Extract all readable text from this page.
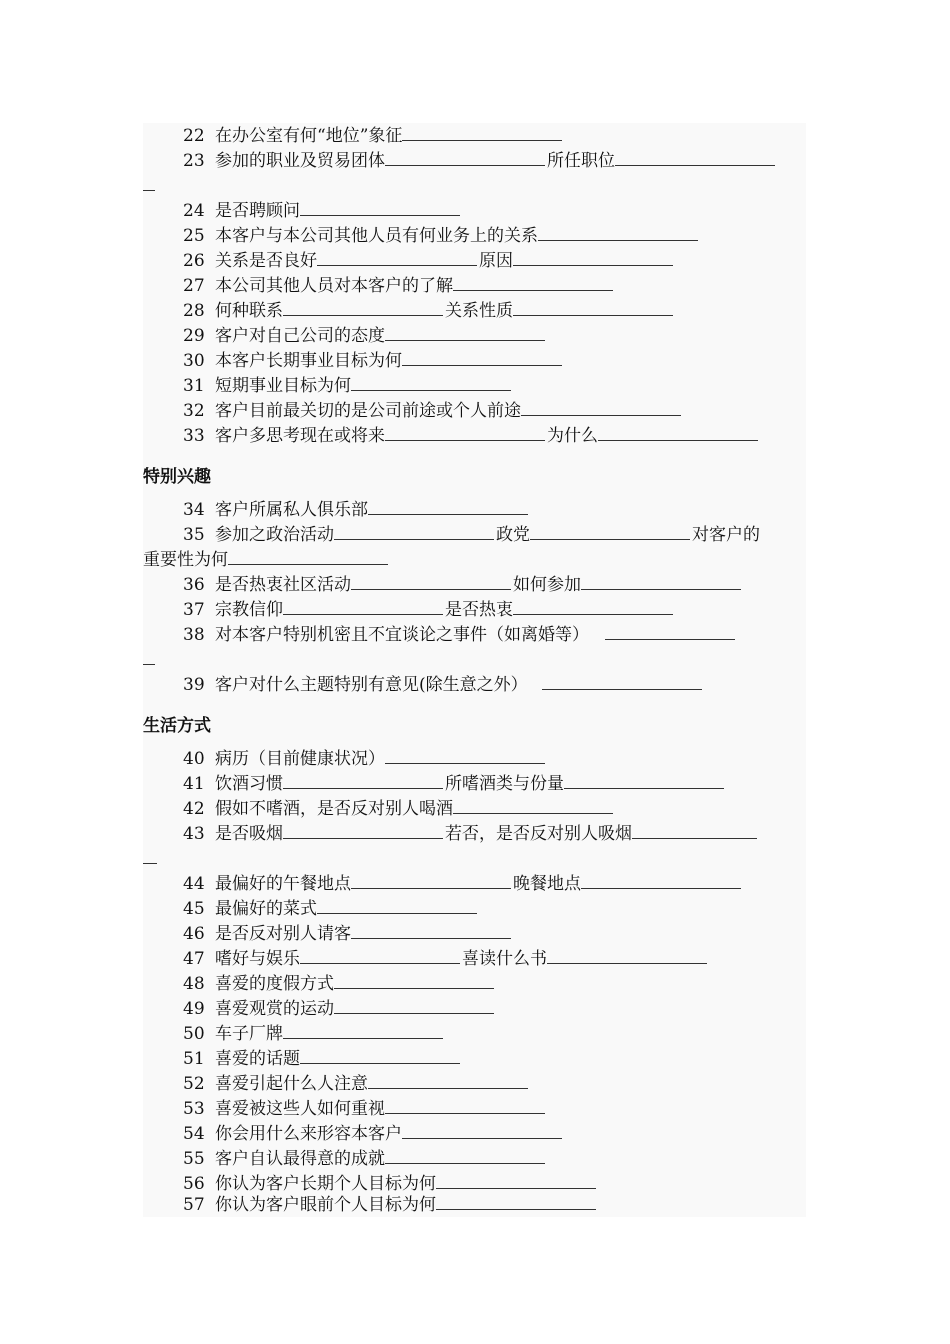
22 在办公室有何“地位”象征
23 参加的职业及贸易团体	所任职位
24 是否聘顾问
25 本客户与本公司其他人员有何业务上的关系
26 关系是否良好	原因
27 本公司其他人员对本客户的了解
28 何种联系	关系性质
29 客户对自己公司的态度
30 本客户长期事业目标为何
31 短期事业目标为何
32 客户目前最关切的是公司前途或个人前途
33 客户多思考现在或将来	为什么
特别兴趣
34 客户所属私人俱乐部
35 参加之政治活动	政党	对客户的
重要性为何
36 是否热衷社区活动	如何参加
37 宗教信仰	是否热衷
38 对本客户特别机密且不宜谈论之事件（如离婚等）
39 客户对什么主题特别有意见(除生意之外）
生活方式
40 病历（目前健康状况）
41 饮酒习惯	所嗜酒类与份量
42 假如不嗜酒，是否反对别人喝酒
43 是否吸烟	若否，是否反对别人吸烟
44 最偏好的午餐地点	晚餐地点
45 最偏好的菜式
46 是否反对别人请客
47 嗜好与娱乐	喜读什么书
48 喜爱的度假方式
49 喜爱观赏的运动
50 车子厂牌
51 喜爱的话题
52 喜爱引起什么人注意
53 喜爱被这些人如何重视
54 你会用什么来形容本客户
55 客户自认最得意的成就
56 你认为客户长期个人目标为何
57 你认为客户眼前个人目标为何
